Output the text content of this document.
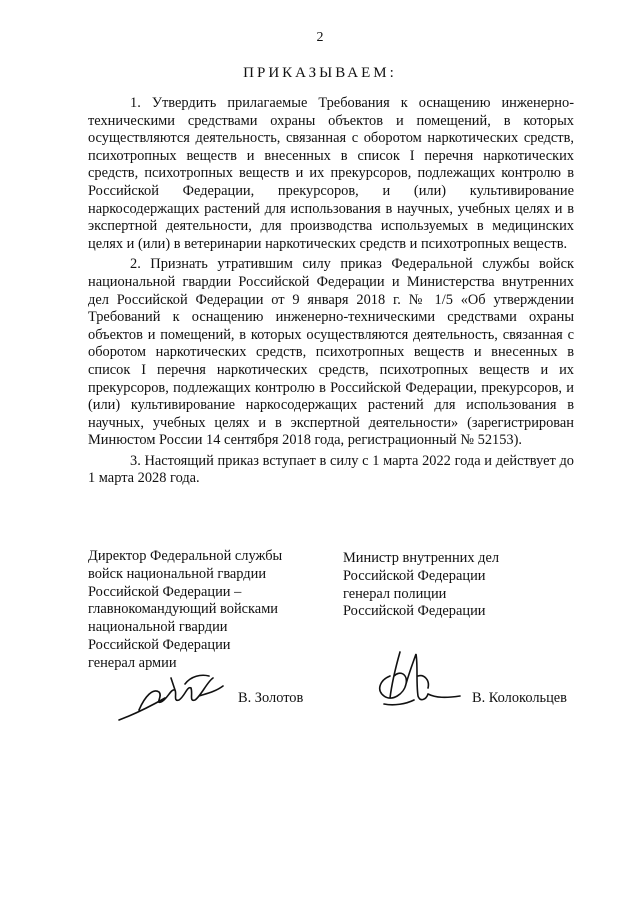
2
ПРИКАЗЫВАЕМ:

1. Утвердить прилагаемые Требования к оснащению инженерно-техническими средствами охраны объектов и помещений, в которых осуществляются деятельность, связанная с оборотом наркотических средств, психотропных веществ и внесенных в список I перечня наркотических средств, психотропных веществ и их прекурсоров, подлежащих контролю в Российской Федерации, прекурсоров, и (или) культивирование наркосодержащих растений для использования в научных, учебных целях и в экспертной деятельности, для производства используемых в медицинских целях и (или) в ветеринарии наркотических средств и психотропных веществ.

2. Признать утратившим силу приказ Федеральной службы войск национальной гвардии Российской Федерации и Министерства внутренних дел Российской Федерации от 9 января 2018 г. № 1/5 «Об утверждении Требований к оснащению инженерно-техническими средствами охраны объектов и помещений, в которых осуществляются деятельность, связанная с оборотом наркотических средств, психотропных веществ и внесенных в список I перечня наркотических средств, психотропных веществ и их прекурсоров, подлежащих контролю в Российской Федерации, прекурсоров, и (или) культивирование наркосодержащих растений для использования в научных, учебных целях и в экспертной деятельности» (зарегистрирован Минюстом России 14 сентября 2018 года, регистрационный № 52153).

3. Настоящий приказ вступает в силу с 1 марта 2022 года и действует до 1 марта 2028 года.

Директор Федеральной службы
войск национальной гвардии
Российской Федерации –
главнокомандующий войсками
национальной гвардии
Российской Федерации
генерал армии
Министр внутренних дел
Российской Федерации
генерал полиции
Российской Федерации
В. Золотов	В. Колокольцев
